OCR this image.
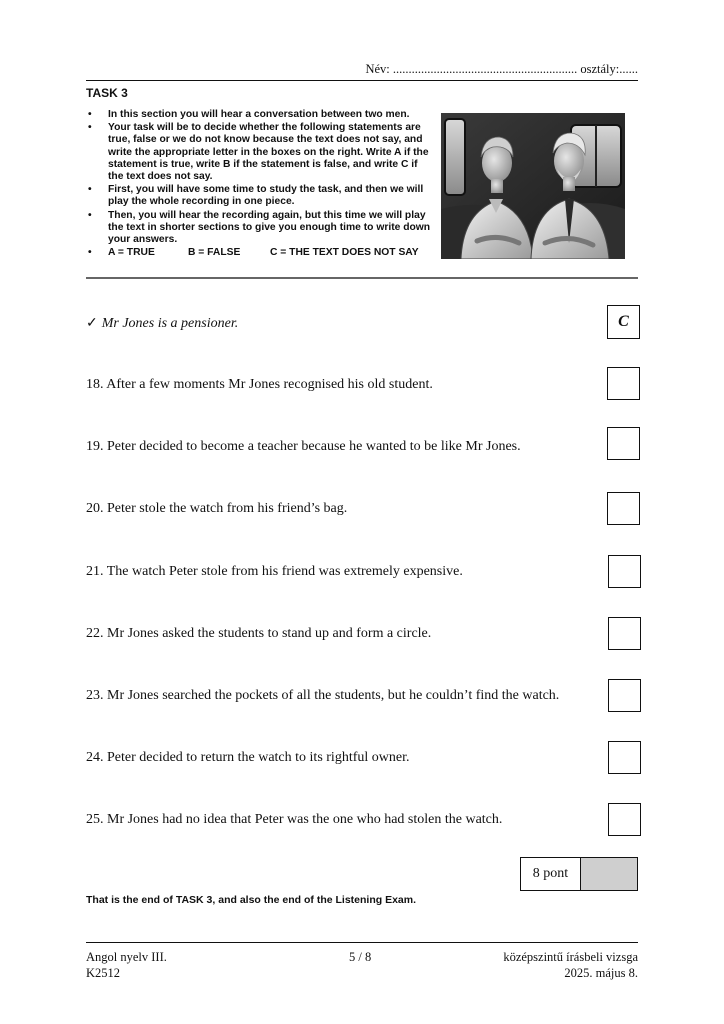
Név: ........................................................... osztály:......
TASK 3
• In this section you will hear a conversation between two men.
• Your task will be to decide whether the following statements are true, false or we do not know because the text does not say, and write the appropriate letter in the boxes on the right. Write A if the statement is true, write B if the statement is false, and write C if the text does not say.
• First, you will have some time to study the task, and then we will play the whole recording in one piece.
• Then, you will hear the recording again, but this time we will play the text in shorter sections to give you enough time to write down your answers.
• A = TRUE	B = FALSE	C = THE TEXT DOES NOT SAY
✓ Mr Jones is a pensioner.	C
18. After a few moments Mr Jones recognised his old student.
19. Peter decided to become a teacher because he wanted to be like Mr Jones.
20. Peter stole the watch from his friend’s bag.
21. The watch Peter stole from his friend was extremely expensive.
22. Mr Jones asked the students to stand up and form a circle.
23. Mr Jones searched the pockets of all the students, but he couldn’t find the watch.
24. Peter decided to return the watch to its rightful owner.
25. Mr Jones had no idea that Peter was the one who had stolen the watch.
8 pont
That is the end of TASK 3, and also the end of the Listening Exam.
Angol nyelv III.
K2512
5 / 8	középszintű írásbeli vizsga
2025. május 8.
